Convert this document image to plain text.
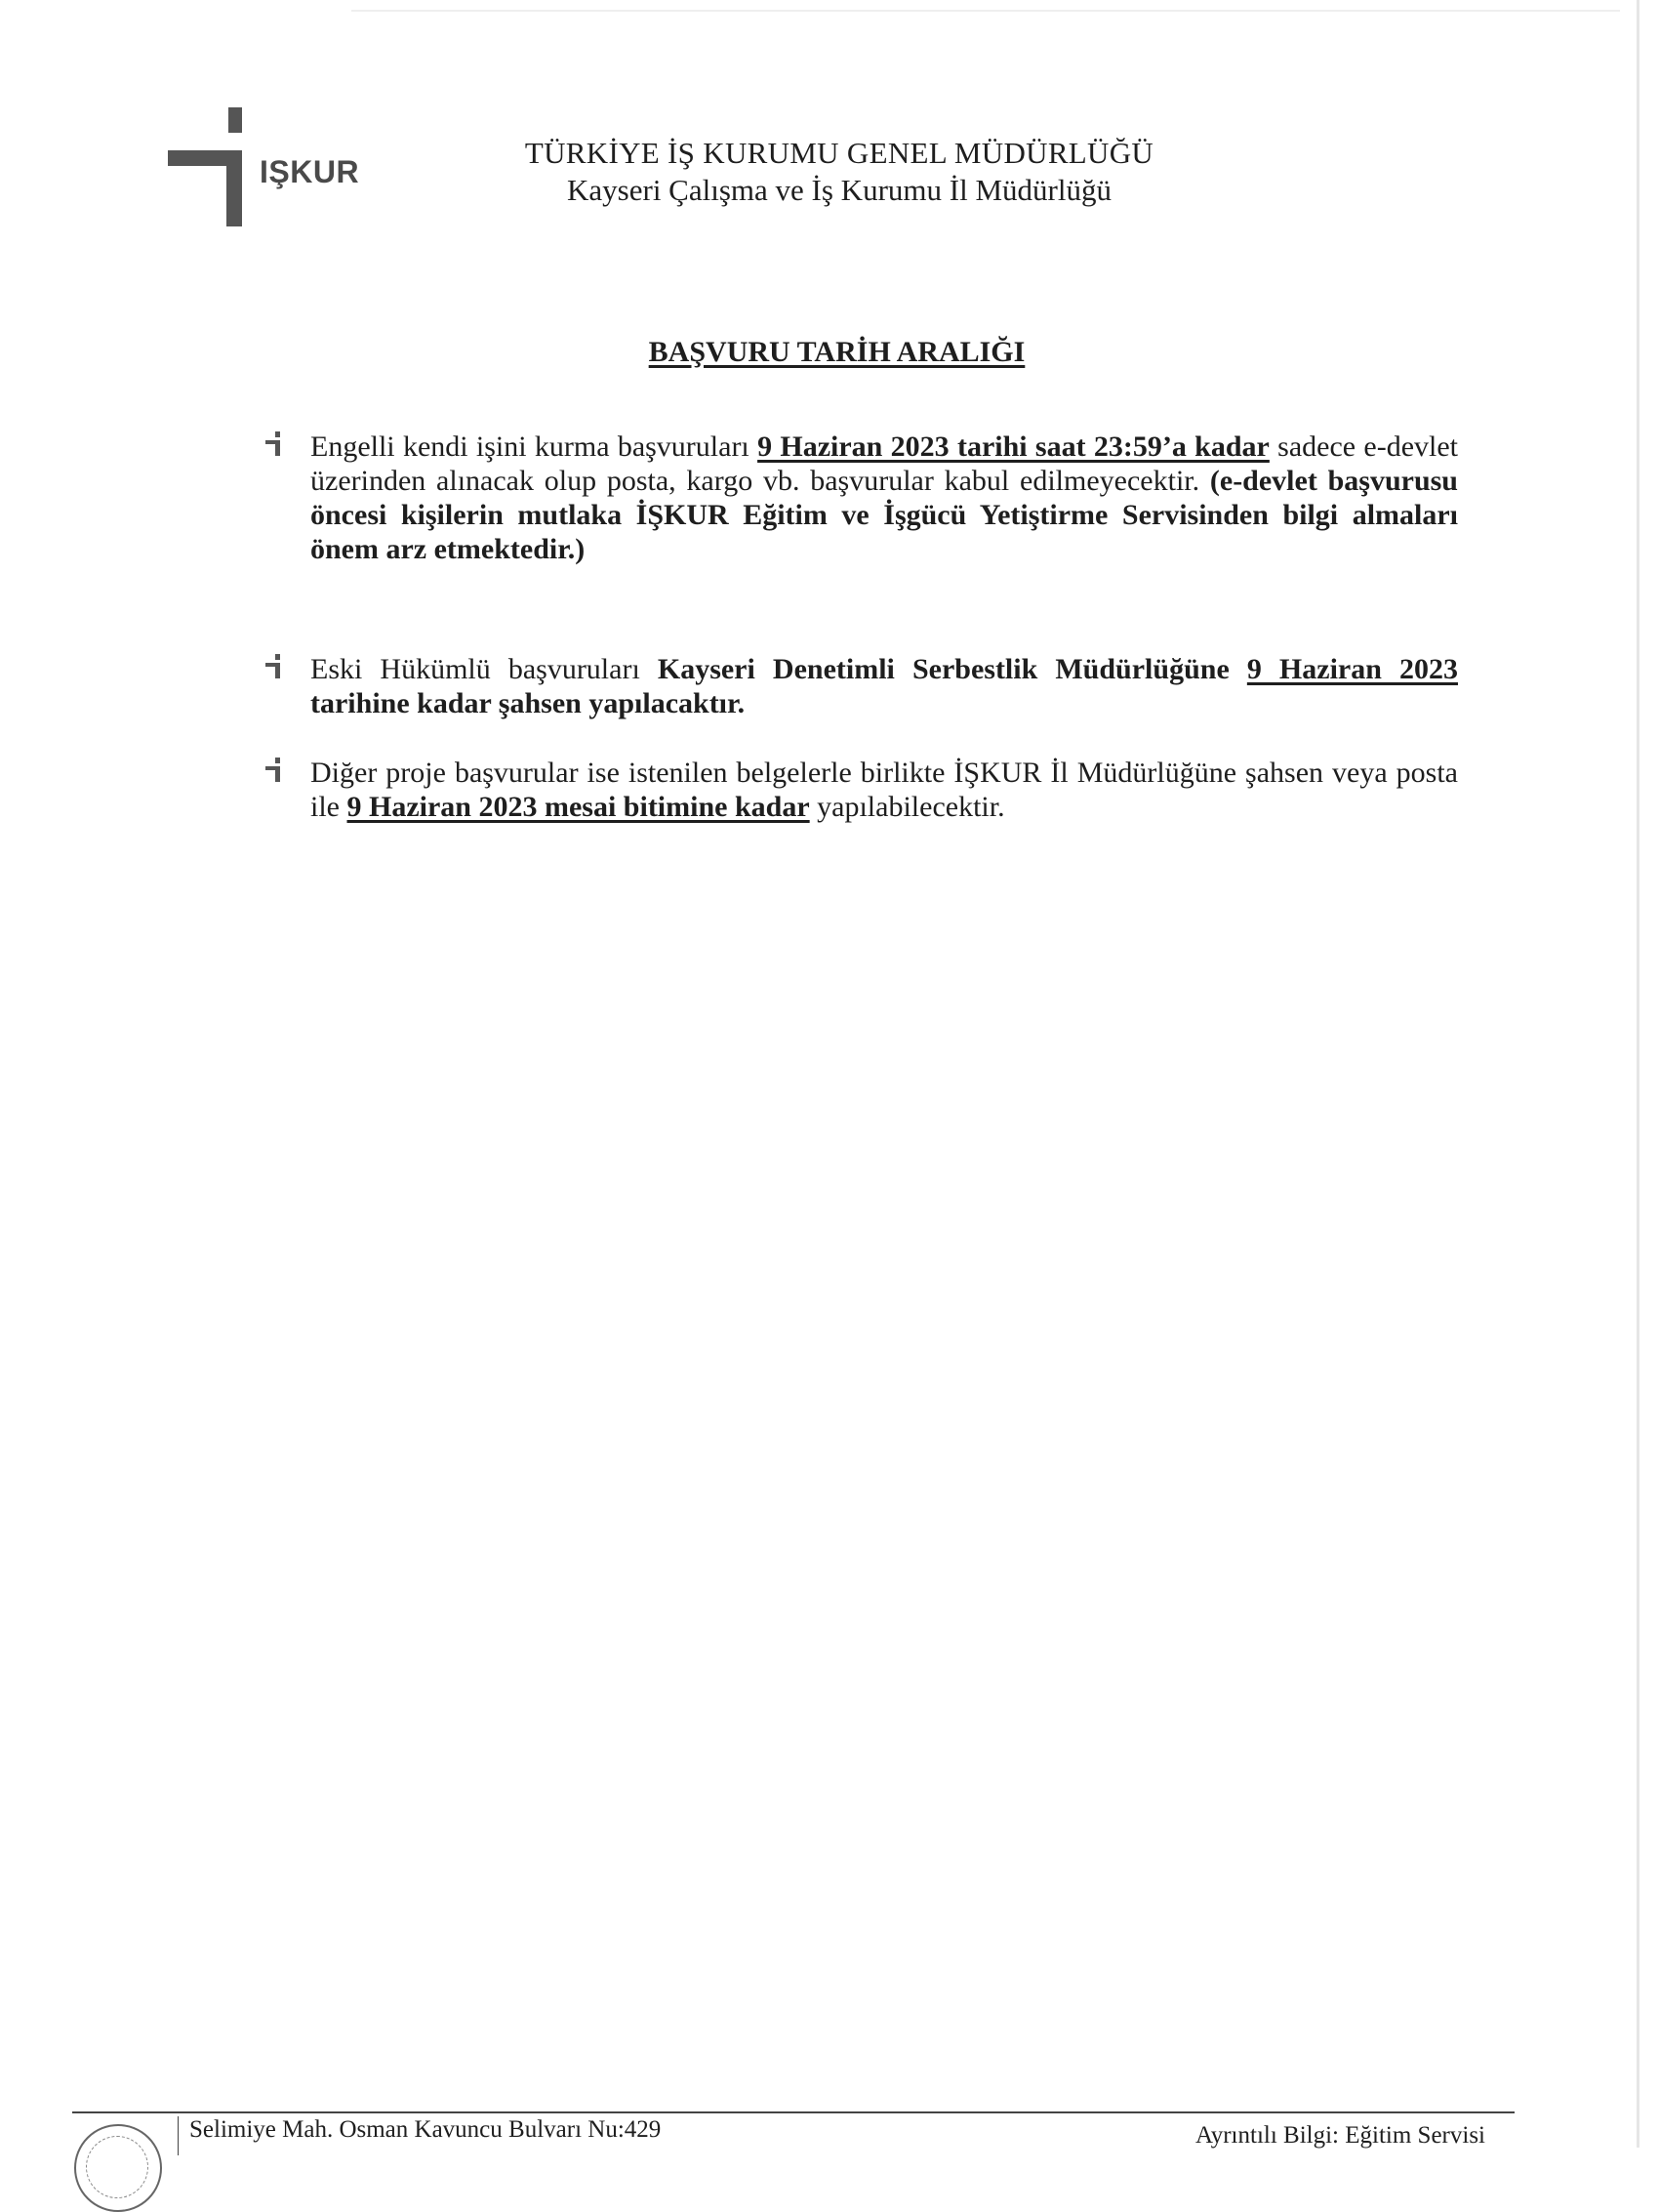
IŞKUR
TÜRKİYE İŞ KURUMU GENEL MÜDÜRLÜĞÜ
Kayseri Çalışma ve İş Kurumu İl Müdürlüğü
BAŞVURU TARİH ARALIĞI
Engelli kendi işini kurma başvuruları 9 Haziran 2023 tarihi saat 23:59’a kadar sadece e-devlet üzerinden alınacak olup posta, kargo vb. başvurular kabul edilmeyecektir. (e-devlet başvurusu öncesi kişilerin mutlaka İŞKUR Eğitim ve İşgücü Yetiştirme Servisinden bilgi almaları önem arz etmektedir.)
Eski Hükümlü başvuruları Kayseri Denetimli Serbestlik Müdürlüğüne 9 Haziran 2023 tarihine kadar şahsen yapılacaktır.
Diğer proje başvurular ise istenilen belgelerle birlikte İŞKUR İl Müdürlüğüne şahsen veya posta ile 9 Haziran 2023 mesai bitimine kadar yapılabilecektir.
Selimiye Mah. Osman Kavuncu Bulvarı Nu:429	Ayrıntılı Bilgi: Eğitim Servisi
